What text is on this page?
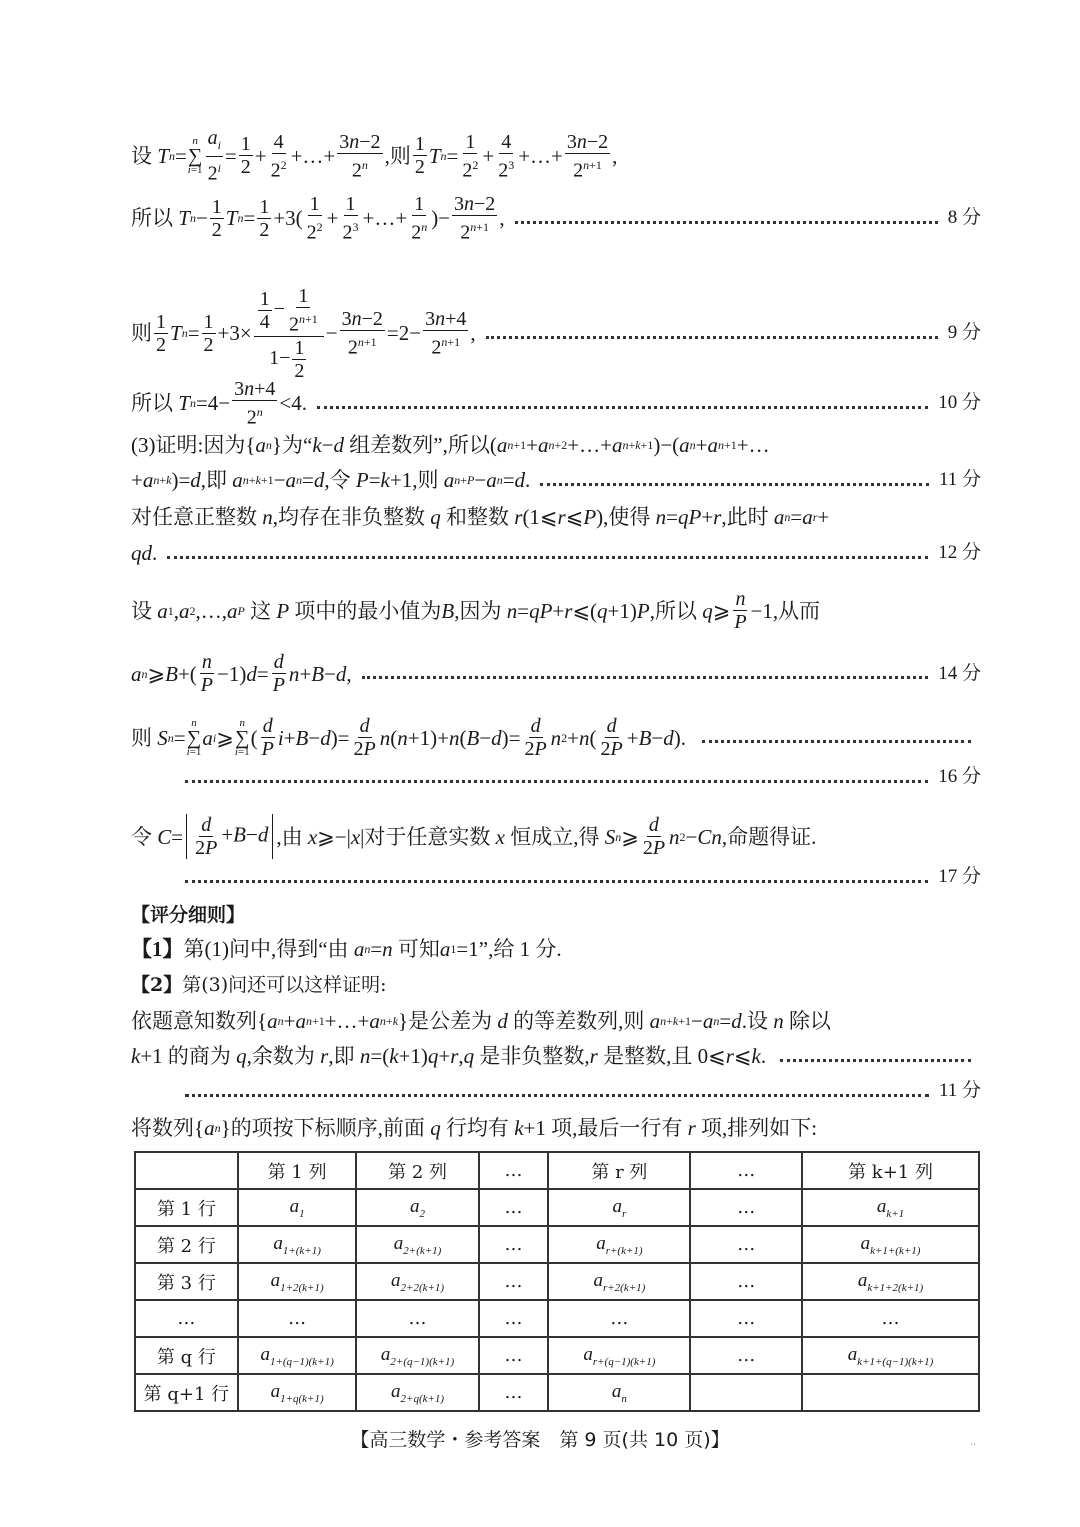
设
T n =
n
∑
$i=1 \frac{a_i}{2^i} = \frac{1}{2} + \frac{4}{2^2}$ +…+ $\frac{3n-2}{2^n}$ ,则 $\frac{1}{2}$ T $n = \frac{1}{2^2} + \frac{4}{2^3}$ +…+ $\frac{3n-2}{2^{n+1}}$ ,
所以
T $n - \frac{1}{2}$ T $n = \frac{1}{2} +3( \frac{1}{2^2} + \frac{1}{2^3}$ +…+ $\frac{1}{2^n}$ )− $\frac{3n-2}{2^{n+1}}$ ,	8 分
则 $\frac{1}{2}$ T $n = \frac{1}{2} +3\times \frac{\frac{1}{4} - \frac{1}{2^{n+1}}}{1- \frac{1}{2}} - \frac{3n-2}{2^{n+1}} =2- \frac{3n+4}{2^{n+1}}$ ,	9 分
所以
T $n =4- \frac{3n+4}{2^n} <4$ .	10 分
(3)证明:因为 { a n } 为“ k − d
组差数列”,所以 ( a n+1 + a n+2 +…+ a n+k+1 )−( a n + a n+1 +…
+ a n+k )= d ,即
a n+k+1 − a n = d ,令
P = k +1 ,则
a n+P − a n = d .	11 分
对任意正整数
n ,均存在非负整数
q
和整数
r (1⩽ r ⩽ P ) ,使得
n = qP + r ,此时
a n = a r +
qd .	12 分
设
a 1 , a 2 ,…, a P
这
P
项中的最小值为 B ,因为
n = qP + r ⩽( q +1) P ,所以
q ⩾ $\frac{n}{P} -1$ ,从而
a n ⩾ B +( $\frac{n}{P} -1$) $d = \frac{d}{P}$ n + B − d ,	14 分
则
S n =
n
∑
i=1
a i ⩾
n
∑
i=1
( $\frac{d}{P}$ i + B − d )= $\frac{d}{2P}$ n ( n +1)+ n ( B − d )= $\frac{d}{2P}$ n 2 + n ( $\frac{d}{2P} + B - d$ ).
16 分
令
$C = \frac{d}{2P} +B-d$ ,由
x ⩾−| x | 对于任意实数
x
恒成立,得
S n ⩾ $\frac{d}{2P}$ n 2 − Cn ,命题得证.
17 分
【评分细则】
【1】 第(1)问中,得到“由
a n = n
可知 a 1 =1 ”,给 1 分.
【2】 第(3)问还可以这样证明:
依题意知数列 { a n + a n+1 +…+ a n+k } 是公差为
d
的等差数列,则
a n+k+1 − a n = d .设
n
除以
k +1 的商为
q ,余数为
r ,即
n =( k +1) q + r , q
是非负整数, r
是整数,且 0⩽ r ⩽ k .
11 分
将数列 { a n } 的项按下标顺序,前面
q
行均有
k +1 项,最后一行有
r
项,排列如下:
	第 1 列	第 2 列	…	第 r 列	…	第 k+1 列
第 1 行	$a_1$	$a_2$	…	$a_r$	…	$a_{k+1}$
第 2 行	$a_{1+(k+1)}$	$a_{2+(k+1)}$	…	$a_{r+(k+1)}$	…	$a_{k+1+(k+1)}$
第 3 行	$a_{1+2(k+1)}$	$a_{2+2(k+1)}$	…	$a_{r+2(k+1)}$	…	$a_{k+1+2(k+1)}$
…	…	…	…	…	…	…
第 q 行	$a_{1+(q-1)(k+1)}$	$a_{2+(q-1)(k+1)}$	…	$a_{r+(q-1)(k+1)}$	…	$a_{k+1+(q-1)(k+1)}$
第 q+1 行	$a_{1+q(k+1)}$	$a_{2+q(k+1)}$	…	$a_n$		
【高三数学・参考答案　第 9 页(共 10 页)】	··
